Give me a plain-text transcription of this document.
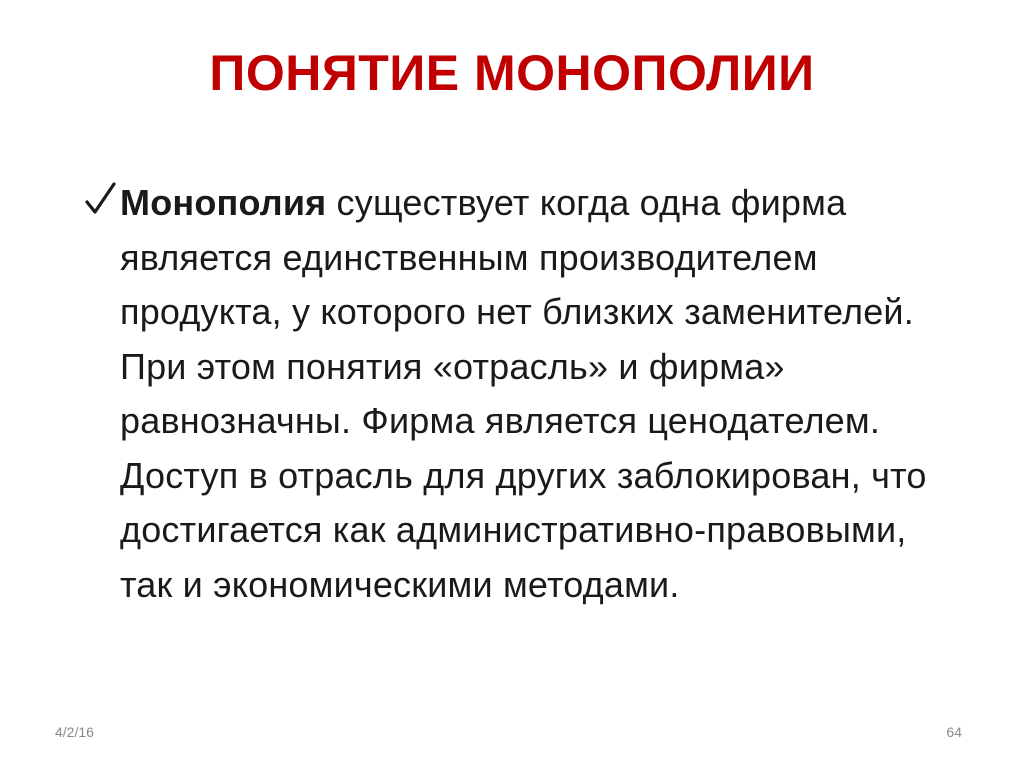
ПОНЯТИЕ МОНОПОЛИИ

Монополия существует когда одна фирма является единственным производителем продукта, у которого нет близких заменителей. При этом понятия «отрасль» и фирма» равнозначны. Фирма является ценодателем. Доступ в отрасль для других заблокирован, что достигается как административно-правовыми, так и экономическими методами.

4/2/16	64
